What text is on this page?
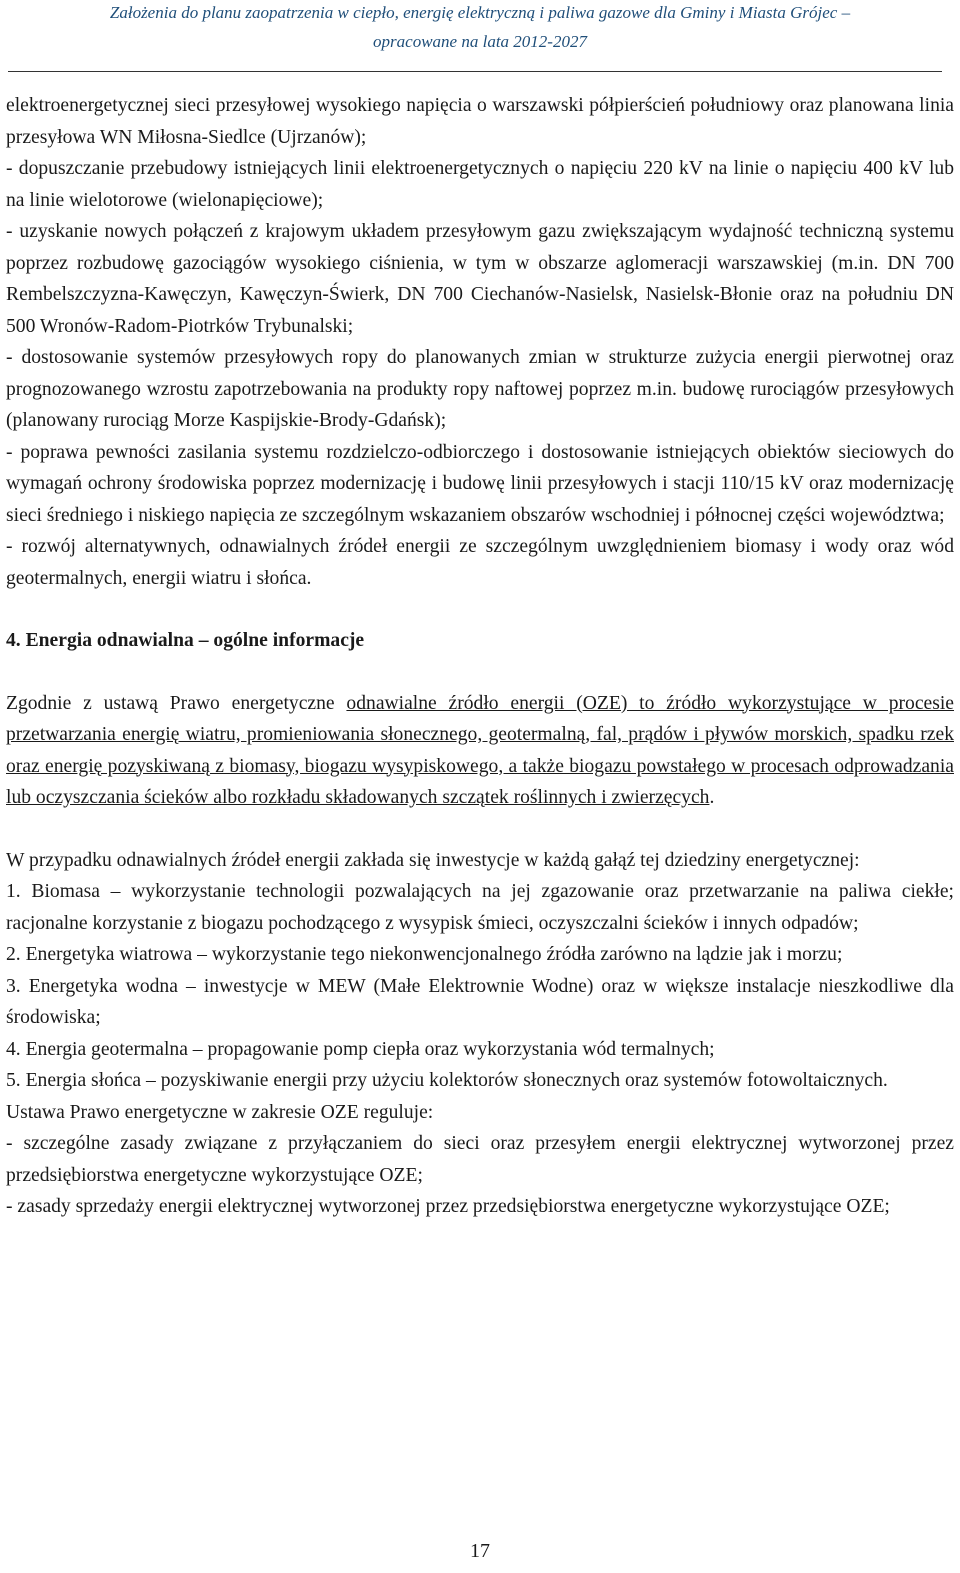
Założenia do planu zaopatrzenia w ciepło, energię elektryczną i paliwa gazowe dla Gminy i Miasta Grójec –
opracowane na lata 2012-2027

elektroenergetycznej sieci przesyłowej wysokiego napięcia o warszawski półpierścień południowy oraz planowana linia przesyłowa WN Miłosna-Siedlce (Ujrzanów);

- dopuszczanie przebudowy istniejących linii elektroenergetycznych o napięciu 220 kV na linie o napięciu 400 kV lub na linie wielotorowe (wielonapięciowe);

- uzyskanie nowych połączeń z krajowym układem przesyłowym gazu zwiększającym wydajność techniczną systemu poprzez rozbudowę gazociągów wysokiego ciśnienia, w tym w obszarze aglomeracji warszawskiej (m.in. DN 700 Rembelszczyzna-Kawęczyn, Kawęczyn-Świerk, DN 700 Ciechanów-Nasielsk, Nasielsk-Błonie oraz na południu DN 500 Wronów-Radom-Piotrków Trybunalski;

- dostosowanie systemów przesyłowych ropy do planowanych zmian w strukturze zużycia energii pierwotnej oraz prognozowanego wzrostu zapotrzebowania na produkty ropy naftowej poprzez m.in. budowę rurociągów przesyłowych (planowany rurociąg Morze Kaspijskie-Brody-Gdańsk);

- poprawa pewności zasilania systemu rozdzielczo-odbiorczego i dostosowanie istniejących obiektów sieciowych do wymagań ochrony środowiska poprzez modernizację i budowę linii przesyłowych i stacji 110/15 kV oraz modernizację sieci średniego i niskiego napięcia ze szczególnym wskazaniem obszarów wschodniej i północnej części województwa;

- rozwój alternatywnych, odnawialnych źródeł energii ze szczególnym uwzględnieniem biomasy i wody oraz wód geotermalnych, energii wiatru i słońca.

4. Energia odnawialna – ogólne informacje

Zgodnie z ustawą Prawo energetyczne odnawialne źródło energii (OZE) to źródło wykorzystujące w procesie przetwarzania energię wiatru, promieniowania słonecznego, geotermalną, fal, prądów i pływów morskich, spadku rzek oraz energię pozyskiwaną z biomasy, biogazu wysypiskowego, a także biogazu powstałego w procesach odprowadzania lub oczyszczania ścieków albo rozkładu składowanych szczątek roślinnych i zwierzęcych.

W przypadku odnawialnych źródeł energii zakłada się inwestycje w każdą gałąź tej dziedziny energetycznej:

1. Biomasa – wykorzystanie technologii pozwalających na jej zgazowanie oraz przetwarzanie na paliwa ciekłe; racjonalne korzystanie z biogazu pochodzącego z wysypisk śmieci, oczyszczalni ścieków i innych odpadów;

2. Energetyka wiatrowa – wykorzystanie tego niekonwencjonalnego źródła zarówno na lądzie jak i morzu;

3. Energetyka wodna – inwestycje w MEW (Małe Elektrownie Wodne) oraz w większe instalacje nieszkodliwe dla środowiska;

4. Energia geotermalna – propagowanie pomp ciepła oraz wykorzystania wód termalnych;

5. Energia słońca – pozyskiwanie energii przy użyciu kolektorów słonecznych oraz systemów fotowoltaicznych.

Ustawa Prawo energetyczne w zakresie OZE reguluje:

- szczególne zasady związane z przyłączaniem do sieci oraz przesyłem energii elektrycznej wytworzonej przez przedsiębiorstwa energetyczne wykorzystujące OZE;

- zasady sprzedaży energii elektrycznej wytworzonej przez przedsiębiorstwa energetyczne wykorzystujące OZE;

17
